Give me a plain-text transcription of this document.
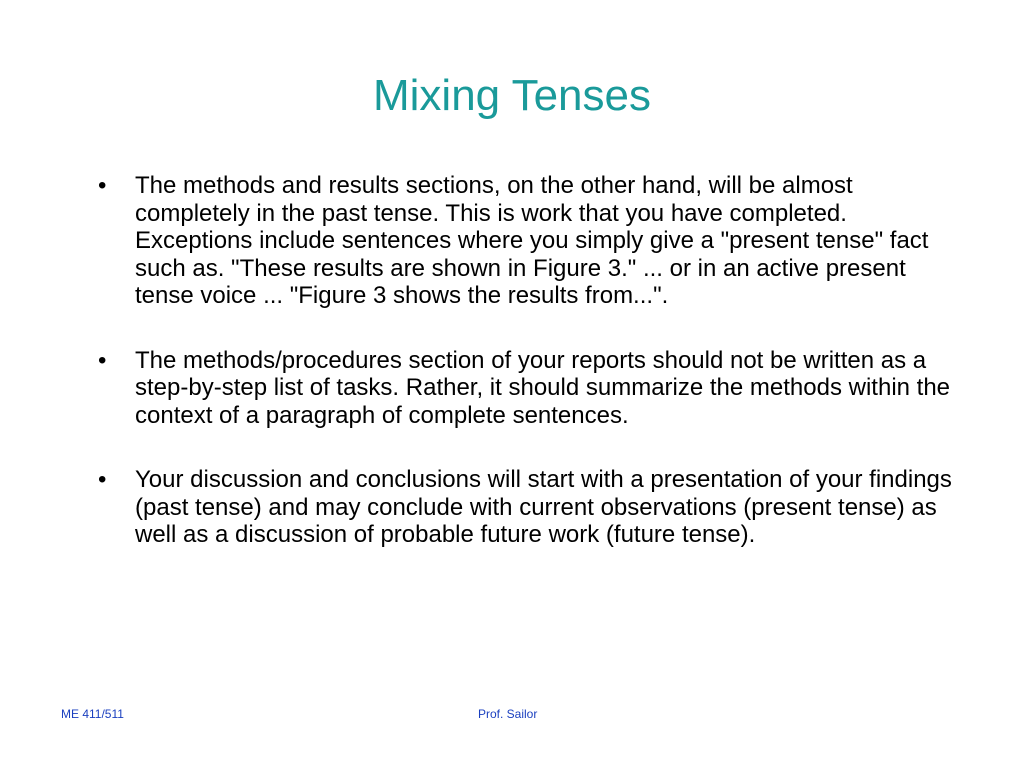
Mixing Tenses
• The methods and results sections, on the other hand, will be almost completely in the past tense. This is work that you have completed. Exceptions include sentences where you simply give a "present tense" fact such as. "These results are shown in Figure 3." ... or in an active present tense voice ... "Figure 3 shows the results from...".
• The methods/procedures section of your reports should not be written as a step-by-step list of tasks. Rather, it should summarize the methods within the context of a paragraph of complete sentences.
• Your discussion and conclusions will start with a presentation of your findings (past tense) and may conclude with current observations (present tense) as well as a discussion of probable future work (future tense).
ME 411/511	Prof. Sailor
